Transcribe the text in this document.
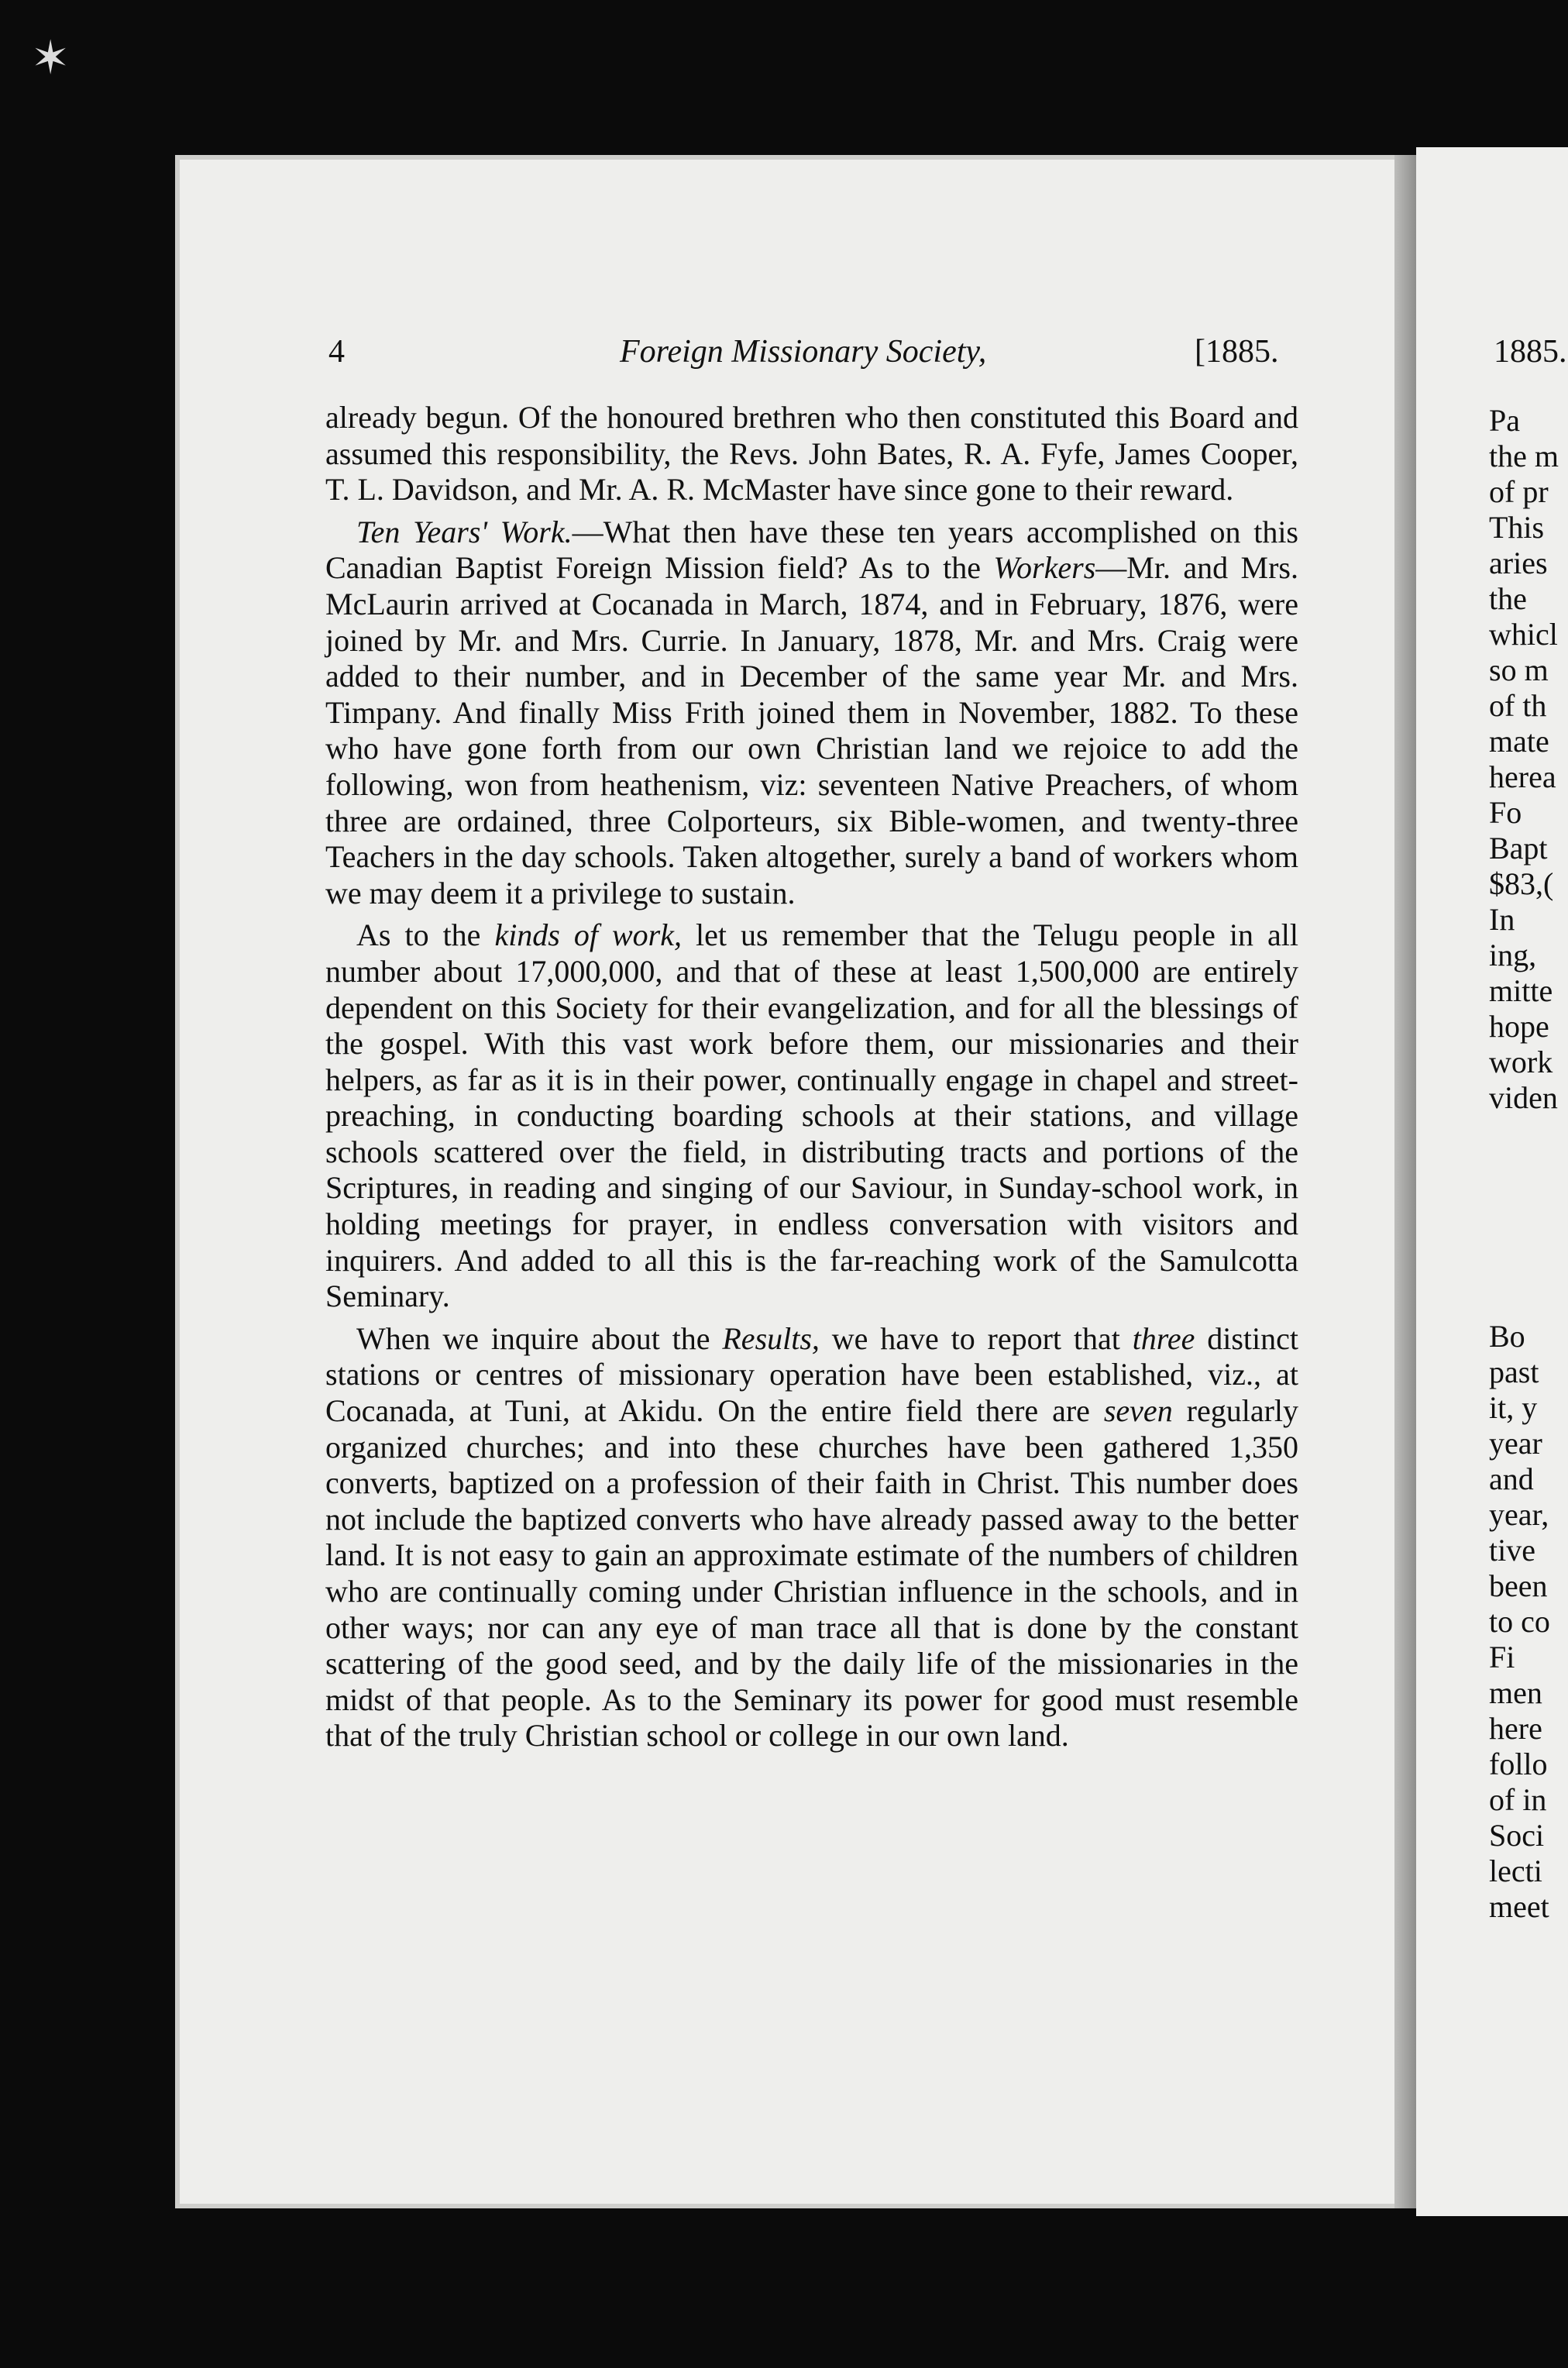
4	Foreign Missionary Society,	[1885.

already begun. Of the honoured brethren who then constituted this Board and assumed this responsibility, the Revs. John Bates, R. A. Fyfe, James Cooper, T. L. Davidson, and Mr. A. R. McMaster have since gone to their reward.

Ten Years' Work.—What then have these ten years accomplished on this Canadian Baptist Foreign Mission field? As to the Workers—Mr. and Mrs. McLaurin arrived at Cocanada in March, 1874, and in February, 1876, were joined by Mr. and Mrs. Currie. In January, 1878, Mr. and Mrs. Craig were added to their number, and in December of the same year Mr. and Mrs. Timpany. And finally Miss Frith joined them in November, 1882. To these who have gone forth from our own Christian land we rejoice to add the following, won from heathenism, viz: seventeen Native Preachers, of whom three are ordained, three Colporteurs, six Bible-women, and twenty-three Teachers in the day schools. Taken altogether, surely a band of workers whom we may deem it a privilege to sustain.

As to the kinds of work, let us remember that the Telugu people in all number about 17,000,000, and that of these at least 1,500,000 are entirely dependent on this Society for their evangelization, and for all the blessings of the gospel. With this vast work before them, our missionaries and their helpers, as far as it is in their power, continually engage in chapel and street-preaching, in conducting boarding schools at their stations, and village schools scattered over the field, in distributing tracts and portions of the Scriptures, in reading and singing of our Saviour, in Sunday-school work, in holding meetings for prayer, in endless conversation with visitors and inquirers. And added to all this is the far-reaching work of the Samulcotta Seminary.

When we inquire about the Results, we have to report that three distinct stations or centres of missionary operation have been established, viz., at Cocanada, at Tuni, at Akidu. On the entire field there are seven regularly organized churches; and into these churches have been gathered 1,350 converts, baptized on a profession of their faith in Christ. This number does not include the baptized converts who have already passed away to the better land. It is not easy to gain an approximate estimate of the numbers of children who are continually coming under Christian influence in the schools, and in other ways; nor can any eye of man trace all that is done by the constant scattering of the good seed, and by the daily life of the missionaries in the midst of that people. As to the Seminary its power for good must resemble that of the truly Christian school or college in our own land.

1885.
Pa
the m
of pr
This
aries
the
whicl
so m
of th
mate
herea
Fo
Bapt
$83,(
In
ing,
mitte
hope
work
viden
Bo
past
it, y
year
and
year,
tive
been
to co
Fi
men
here
follo
of in
Soci
lecti
meet
✶
